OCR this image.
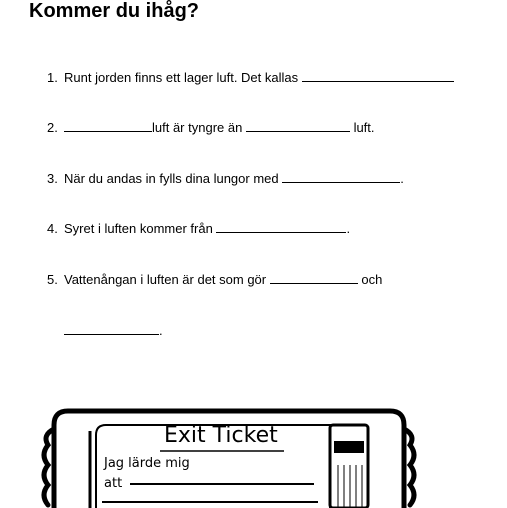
Kommer du ihåg?
1. Runt jorden finns ett lager luft. Det kallas
2.	luft är tyngre än	luft.
3. När du andas in fylls dina lungor med	.
4. Syret i luften kommer från	.
5. Vattenångan i luften är det som gör	och
.
Exit Ticket
Jag lärde mig
att
